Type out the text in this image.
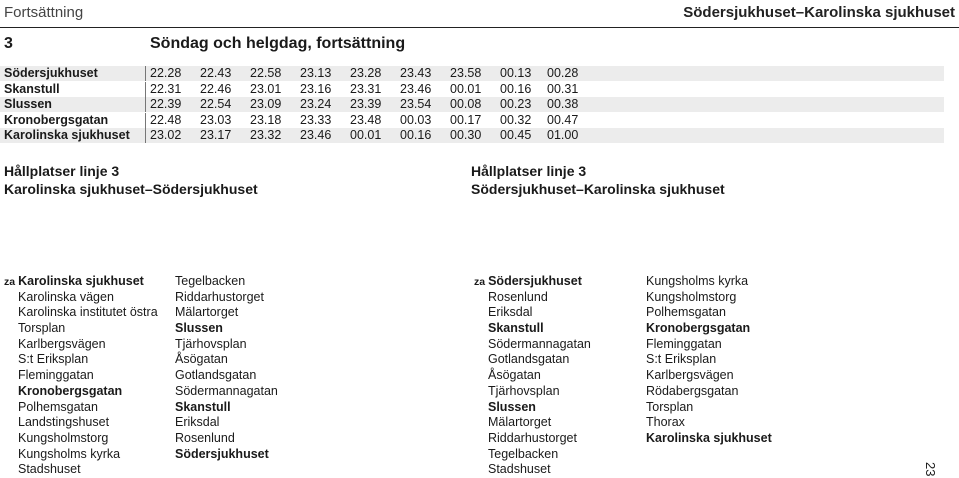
Fortsättning	Södersjukhuset–Karolinska sjukhuset
3	Söndag och helgdag, fortsättning
Södersjukhuset	22.28 22.43 22.58 23.13 23.28 23.43 23.58 00.13 00.28
Skanstull	22.31 22.46 23.01 23.16 23.31 23.46 00.01 00.16 00.31
Slussen	22.39 22.54 23.09 23.24 23.39 23.54 00.08 00.23 00.38
Kronobergsgatan	22.48 23.03 23.18 23.33 23.48 00.03 00.17 00.32 00.47
Karolinska sjukhuset 23.02 23.17 23.32 23.46 00.01 00.16 00.30 00.45 01.00
Hållplatser linje 3
Karolinska sjukhuset–Södersjukhuset
Hållplatser linje 3
Södersjukhuset–Karolinska sjukhuset
za Karolinska sjukhuset
Karolinska vägen
Karolinska institutet östra
Torsplan
Karlbergsvägen
S:t Eriksplan
Fleminggatan
Kronobergsgatan
Polhemsgatan
Landstingshuset
Kungsholmstorg
Kungsholms kyrka
Stadshuset
Tegelbacken
Riddarhustorget
Mälartorget
Slussen
Tjärhovsplan
Åsögatan
Gotlandsgatan
Södermannagatan
Skanstull
Eriksdal
Rosenlund
Södersjukhuset
za Södersjukhuset
Rosenlund
Eriksdal
Skanstull
Södermannagatan
Gotlandsgatan
Åsögatan
Tjärhovsplan
Slussen
Mälartorget
Riddarhustorget
Tegelbacken
Stadshuset
Kungsholms kyrka
Kungsholmstorg
Polhemsgatan
Kronobergsgatan
Fleminggatan
S:t Eriksplan
Karlbergsvägen
Rödabergsgatan
Torsplan
Thorax
Karolinska sjukhuset
23
